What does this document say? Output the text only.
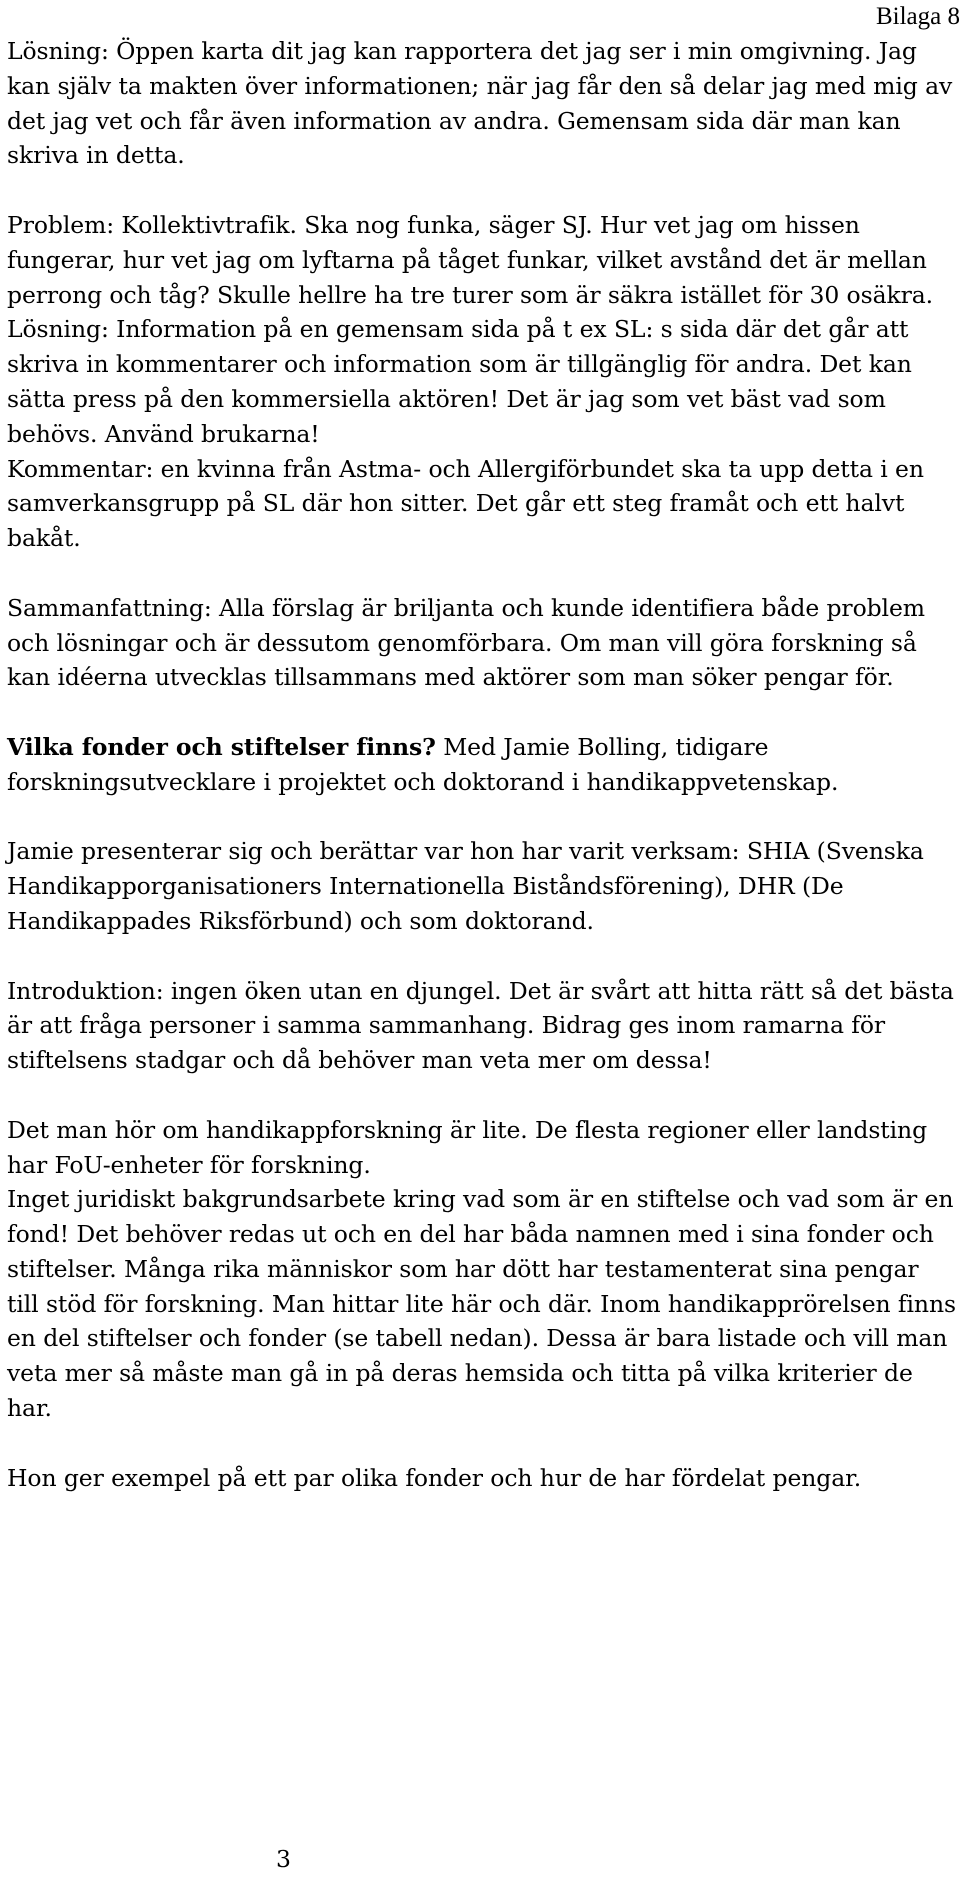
Bilaga 8

Lösning: Öppen karta dit jag kan rapportera det jag ser i min omgivning. Jag kan själv ta makten över informationen; när jag får den så delar jag med mig av det jag vet och får även information av andra. Gemensam sida där man kan skriva in detta.

Problem: Kollektivtrafik. Ska nog funka, säger SJ. Hur vet jag om hissen fungerar, hur vet jag om lyftarna på tåget funkar, vilket avstånd det är mellan perrong och tåg? Skulle hellre ha tre turer som är säkra istället för 30 osäkra.

Lösning: Information på en gemensam sida på t ex SL: s sida där det går att skriva in kommentarer och information som är tillgänglig för andra. Det kan sätta press på den kommersiella aktören! Det är jag som vet bäst vad som behövs. Använd brukarna!

Kommentar: en kvinna från Astma- och Allergiförbundet ska ta upp detta i en samverkansgrupp på SL där hon sitter. Det går ett steg framåt och ett halvt bakåt.

Sammanfattning: Alla förslag är briljanta och kunde identifiera både problem och lösningar och är dessutom genomförbara. Om man vill göra forskning så kan idéerna utvecklas tillsammans med aktörer som man söker pengar för.

Vilka fonder och stiftelser finns? Med Jamie Bolling, tidigare forskningsutvecklare i projektet och doktorand i handikappvetenskap.

Jamie presenterar sig och berättar var hon har varit verksam: SHIA (Svenska Handikapporganisationers Internationella Biståndsförening), DHR (De Handikappades Riksförbund) och som doktorand.

Introduktion: ingen öken utan en djungel. Det är svårt att hitta rätt så det bästa är att fråga personer i samma sammanhang. Bidrag ges inom ramarna för stiftelsens stadgar och då behöver man veta mer om dessa!

Det man hör om handikappforskning är lite. De flesta regioner eller landsting har FoU-enheter för forskning.

Inget juridiskt bakgrundsarbete kring vad som är en stiftelse och vad som är en fond! Det behöver redas ut och en del har båda namnen med i sina fonder och stiftelser. Många rika människor som har dött har testamenterat sina pengar till stöd för forskning. Man hittar lite här och där. Inom handikapprörelsen finns en del stiftelser och fonder (se tabell nedan). Dessa är bara listade och vill man veta mer så måste man gå in på deras hemsida och titta på vilka kriterier de har.

Hon ger exempel på ett par olika fonder och hur de har fördelat pengar.

3
